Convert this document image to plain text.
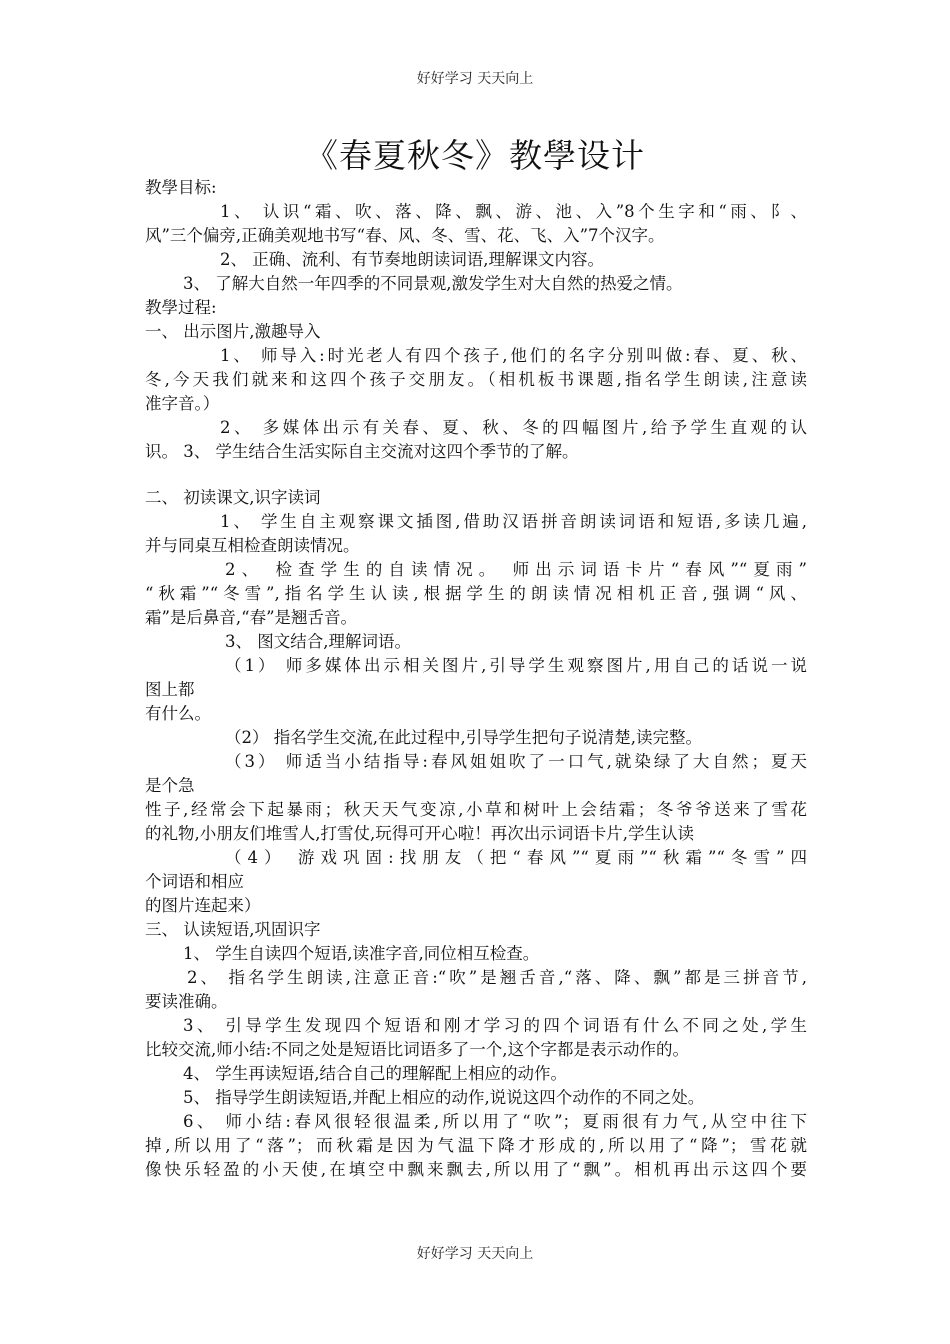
好好学习 天天向上
《春夏秋冬》教學设计
教學目标:
1、 认识“霜、吹、落、降、飘、游、池、入”8个生字和“雨、阝、
风”三个偏旁,正确美观地书写“春、风、冬、雪、花、飞、入”7个汉字。
2、 正确、流利、有节奏地朗读词语,理解课文内容。
3、 了解大自然一年四季的不同景观,激发学生对大自然的热爱之情。
教學过程:
一、 出示图片,激趣导入
1、 师导入:时光老人有四个孩子,他们的名字分别叫做:春、夏、秋、
冬,今天我们就来和这四个孩子交朋友。（相机板书课题,指名学生朗读,注意读
准字音。）
2、 多媒体出示有关春、夏、秋、冬的四幅图片,给予学生直观的认
识。 3、 学生结合生活实际自主交流对这四个季节的了解。
二、 初读课文,识字读词
1、 学生自主观察课文插图,借助汉语拼音朗读词语和短语,多读几遍,
并与同桌互相检查朗读情况。
2、 检查学生的自读情况。 师出示词语卡片“春风”“夏雨”
“秋霜”“冬雪”,指名学生认读,根据学生的朗读情况相机正音,强调“风、
霜”是后鼻音,“春”是翘舌音。
3、 图文结合,理解词语。
（1） 师多媒体出示相关图片,引导学生观察图片,用自己的话说一说
图上都
有什么。
（2） 指名学生交流,在此过程中,引导学生把句子说清楚,读完整。
（3） 师适当小结指导:春风姐姐吹了一口气,就染绿了大自然；夏天
是个急
性子,经常会下起暴雨；秋天天气变凉,小草和树叶上会结霜；冬爷爷送来了雪花
的礼物,小朋友们堆雪人,打雪仗,玩得可开心啦！再次出示词语卡片,学生认读
（4） 游戏巩固:找朋友（把“春风”“夏雨”“秋霜”“冬雪”四
个词语和相应
的图片连起来）
三、 认读短语,巩固识字
1、 学生自读四个短语,读准字音,同位相互检查。
2、 指名学生朗读,注意正音:“吹”是翘舌音,“落、降、飘”都是三拼音节,
要读准确。
3、 引导学生发现四个短语和刚才学习的四个词语有什么不同之处,学生
比较交流,师小结:不同之处是短语比词语多了一个,这个字都是表示动作的。
4、 学生再读短语,结合自己的理解配上相应的动作。
5、 指导学生朗读短语,并配上相应的动作,说说这四个动作的不同之处。
6、 师小结:春风很轻很温柔,所以用了“吹”；夏雨很有力气,从空中往下
掉,所以用了“落”；而秋霜是因为气温下降才形成的,所以用了“降”；雪花就
像快乐轻盈的小天使,在填空中飘来飘去,所以用了“飘”。相机再出示这四个要
好好学习 天天向上
